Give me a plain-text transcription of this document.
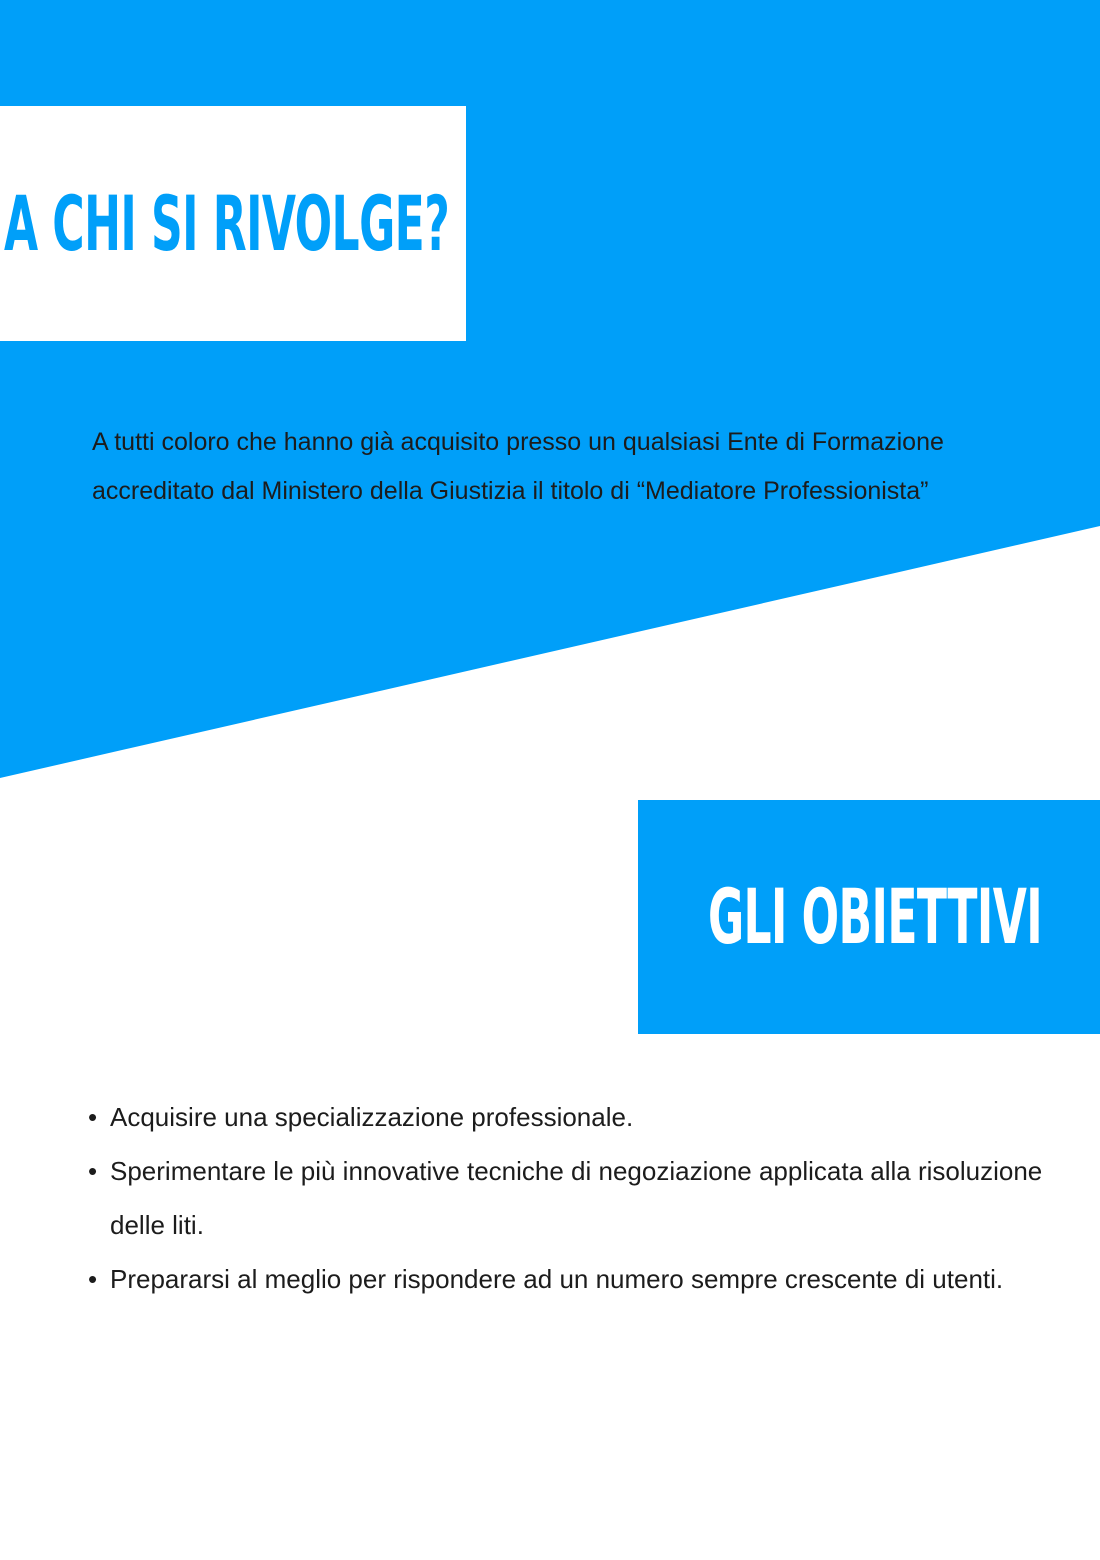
A CHI SI RIVOLGE?

A tutti coloro che hanno già acquisito presso un qualsiasi Ente di Formazione accreditato dal Ministero della Giustizia il titolo di “Mediatore Professionista”

GLI OBIETTIVI
• Acquisire una specializzazione professionale.
• Sperimentare le più innovative tecniche di negoziazione applicata alla risoluzione delle liti.
• Prepararsi al meglio per rispondere ad un numero sempre crescente di utenti.
